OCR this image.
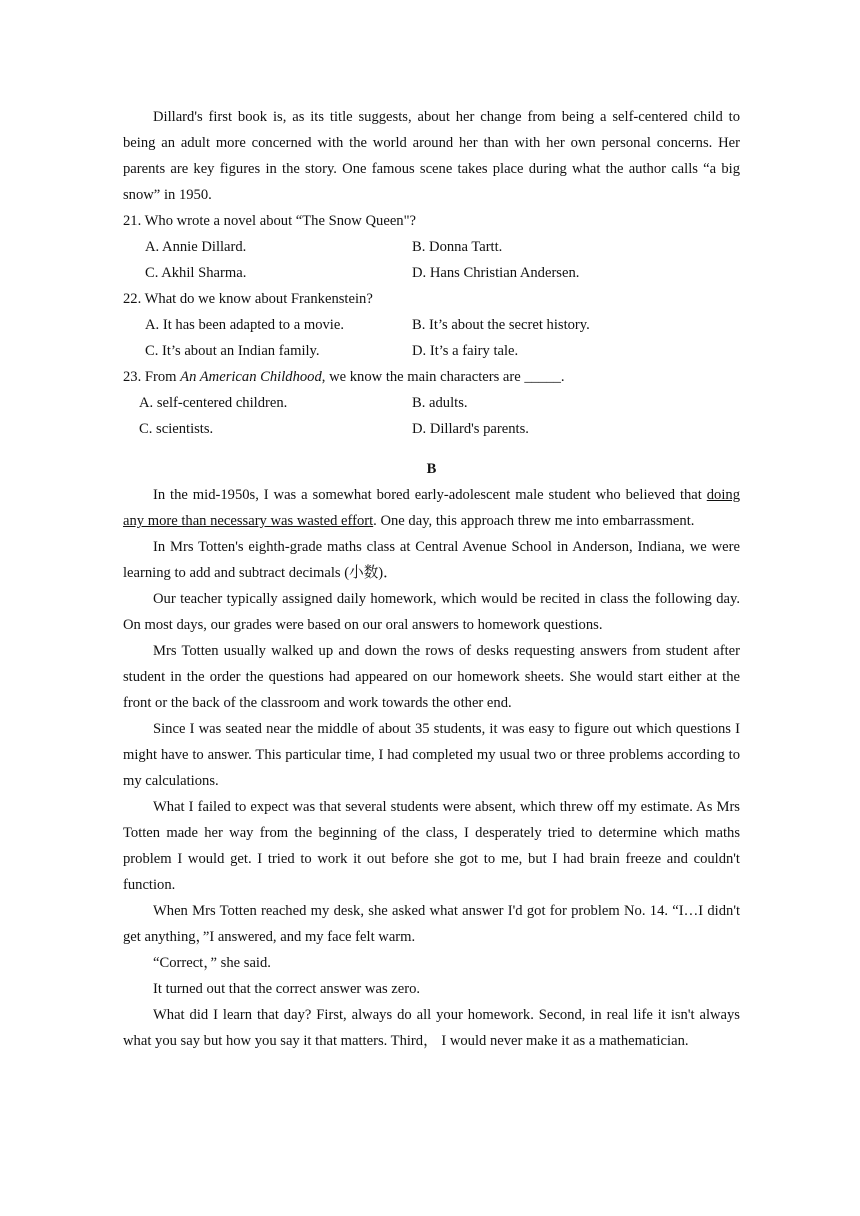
Dillard's first book is, as its title suggests, about her change from being a self-centered child to being an adult more concerned with the world around her than with her own personal concerns. Her parents are key figures in the story. One famous scene takes place during what the author calls “a big snow” in 1950.

21. Who wrote a novel about “The Snow Queen"?

A. Annie Dillard.	B. Donna Tartt.
C. Akhil Sharma.	D. Hans Christian Andersen.

22. What do we know about Frankenstein?

A. It has been adapted to a movie.	B. It’s about the secret history.
C. It’s about an Indian family.	D. It’s a fairy tale.

23. From An American Childhood, we know the main characters are _____.

A. self-centered children.	B. adults.
C. scientists.	D. Dillard's parents.

B

In the mid-1950s, I was a somewhat bored early-adolescent male student who believed that doing any more than necessary was wasted effort. One day, this approach threw me into embarrassment.

In Mrs Totten's eighth-grade maths class at Central Avenue School in Anderson, Indiana, we were learning to add and subtract decimals (小数)．

Our teacher typically assigned daily homework, which would be recited in class the following day. On most days, our grades were based on our oral answers to homework questions.

Mrs Totten usually walked up and down the rows of desks requesting answers from student after student in the order the questions had appeared on our homework sheets. She would start either at the front or the back of the classroom and work towards the other end.

Since I was seated near the middle of about 35 students, it was easy to figure out which questions I might have to answer. This particular time, I had completed my usual two or three problems according to my calculations.

What I failed to expect was that several students were absent, which threw off my estimate. As Mrs Totten made her way from the beginning of the class, I desperately tried to determine which maths problem I would get. I tried to work it out before she got to me, but I had brain freeze and couldn't function.

When Mrs Totten reached my desk, she asked what answer I'd got for problem No. 14. “I…I didn't get anything，”I answered, and my face felt warm.

“Correct，” she said.

It turned out that the correct answer was zero.

What did I learn that day? First, always do all your homework. Second, in real life it isn't always what you say but how you say it that matters. Third， I would never make it as a mathematician.
